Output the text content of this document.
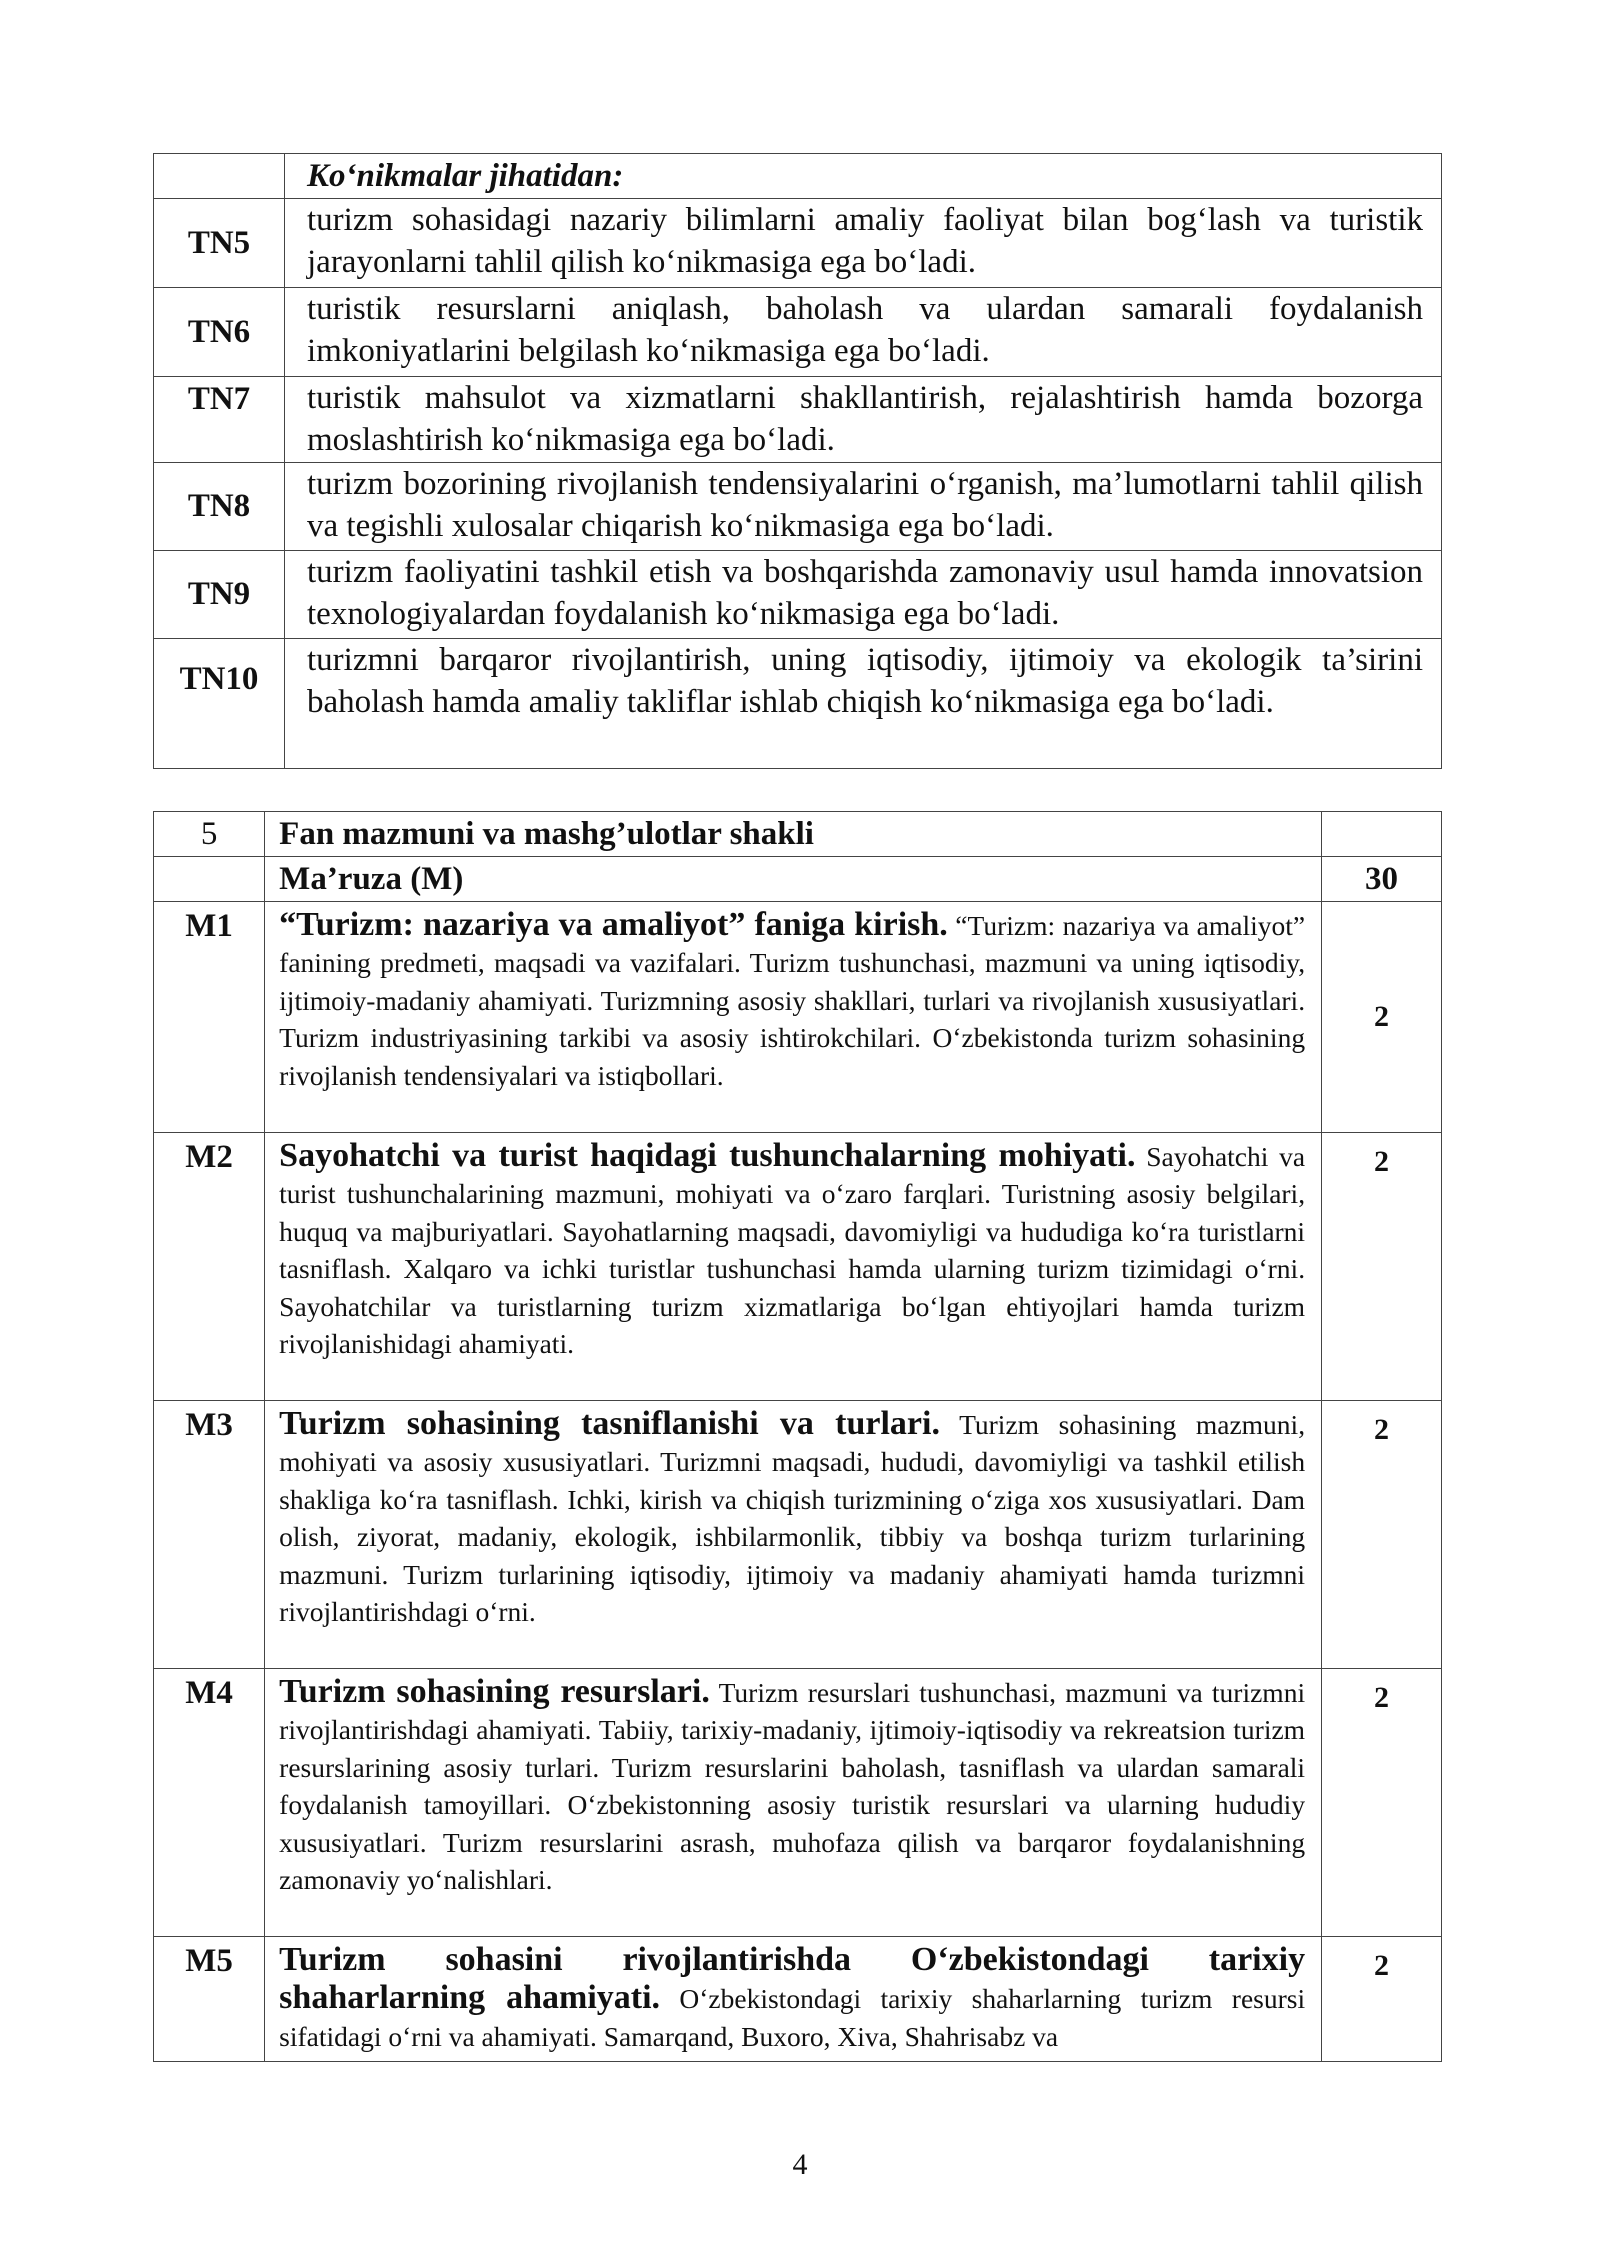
	Ko‘nikmalar jihatidan:
TN5	turizm sohasidagi nazariy bilimlarni amaliy faoliyat bilan bog‘lash va turistik jarayonlarni tahlil qilish ko‘nikmasiga ega bo‘ladi.
TN6	turistik resurslarni aniqlash, baholash va ulardan samarali foydalanish imkoniyatlarini belgilash ko‘nikmasiga ega bo‘ladi.
TN7	turistik mahsulot va xizmatlarni shakllantirish, rejalashtirish hamda bozorga moslashtirish ko‘nikmasiga ega bo‘ladi.
TN8	turizm bozorining rivojlanish tendensiyalarini o‘rganish, ma’lumotlarni tahlil qilish va tegishli xulosalar chiqarish ko‘nikmasiga ega bo‘ladi.
TN9	turizm faoliyatini tashkil etish va boshqarishda zamonaviy usul hamda innovatsion texnologiyalardan foydalanish ko‘nikmasiga ega bo‘ladi.
TN10	turizmni barqaror rivojlantirish, uning iqtisodiy, ijtimoiy va ekologik ta’sirini baholash hamda amaliy takliflar ishlab chiqish ko‘nikmasiga ega bo‘ladi.
5	Fan mazmuni va mashg’ulotlar shakli	
	Ma’ruza (M)	30
M1	“Turizm: nazariya va amaliyot” faniga kirish. “Turizm: nazariya va amaliyot” fanining predmeti, maqsadi va vazifalari. Turizm tushunchasi, mazmuni va uning iqtisodiy, ijtimoiy-madaniy ahamiyati. Turizmning asosiy shakllari, turlari va rivojlanish xususiyatlari. Turizm industriyasining tarkibi va asosiy ishtirokchilari. O‘zbekistonda turizm sohasining rivojlanish tendensiyalari va istiqbollari.	2
M2	Sayohatchi va turist haqidagi tushunchalarning mohiyati. Sayohatchi va turist tushunchalarining mazmuni, mohiyati va o‘zaro farqlari. Turistning asosiy belgilari, huquq va majburiyatlari. Sayohatlarning maqsadi, davomiyligi va hududiga ko‘ra turistlarni tasniflash. Xalqaro va ichki turistlar tushunchasi hamda ularning turizm tizimidagi o‘rni. Sayohatchilar va turistlarning turizm xizmatlariga bo‘lgan ehtiyojlari hamda turizm rivojlanishidagi ahamiyati.	2
M3	Turizm sohasining tasniflanishi va turlari. Turizm sohasining mazmuni, mohiyati va asosiy xususiyatlari. Turizmni maqsadi, hududi, davomiyligi va tashkil etilish shakliga ko‘ra tasniflash. Ichki, kirish va chiqish turizmining o‘ziga xos xususiyatlari. Dam olish, ziyorat, madaniy, ekologik, ishbilarmonlik, tibbiy va boshqa turizm turlarining mazmuni. Turizm turlarining iqtisodiy, ijtimoiy va madaniy ahamiyati hamda turizmni rivojlantirishdagi o‘rni.	2
M4	Turizm sohasining resurslari. Turizm resurslari tushunchasi, mazmuni va turizmni rivojlantirishdagi ahamiyati. Tabiiy, tarixiy-madaniy, ijtimoiy-iqtisodiy va rekreatsion turizm resurslarining asosiy turlari. Turizm resurslarini baholash, tasniflash va ulardan samarali foydalanish tamoyillari. O‘zbekistonning asosiy turistik resurslari va ularning hududiy xususiyatlari. Turizm resurslarini asrash, muhofaza qilish va barqaror foydalanishning zamonaviy yo‘nalishlari.	2
M5	Turizm sohasini rivojlantirishda O‘zbekistondagi tarixiy shaharlarning ahamiyati. O‘zbekistondagi tarixiy shaharlarning turizm resursi sifatidagi o‘rni va ahamiyati. Samarqand, Buxoro, Xiva, Shahrisabz va	2
4
